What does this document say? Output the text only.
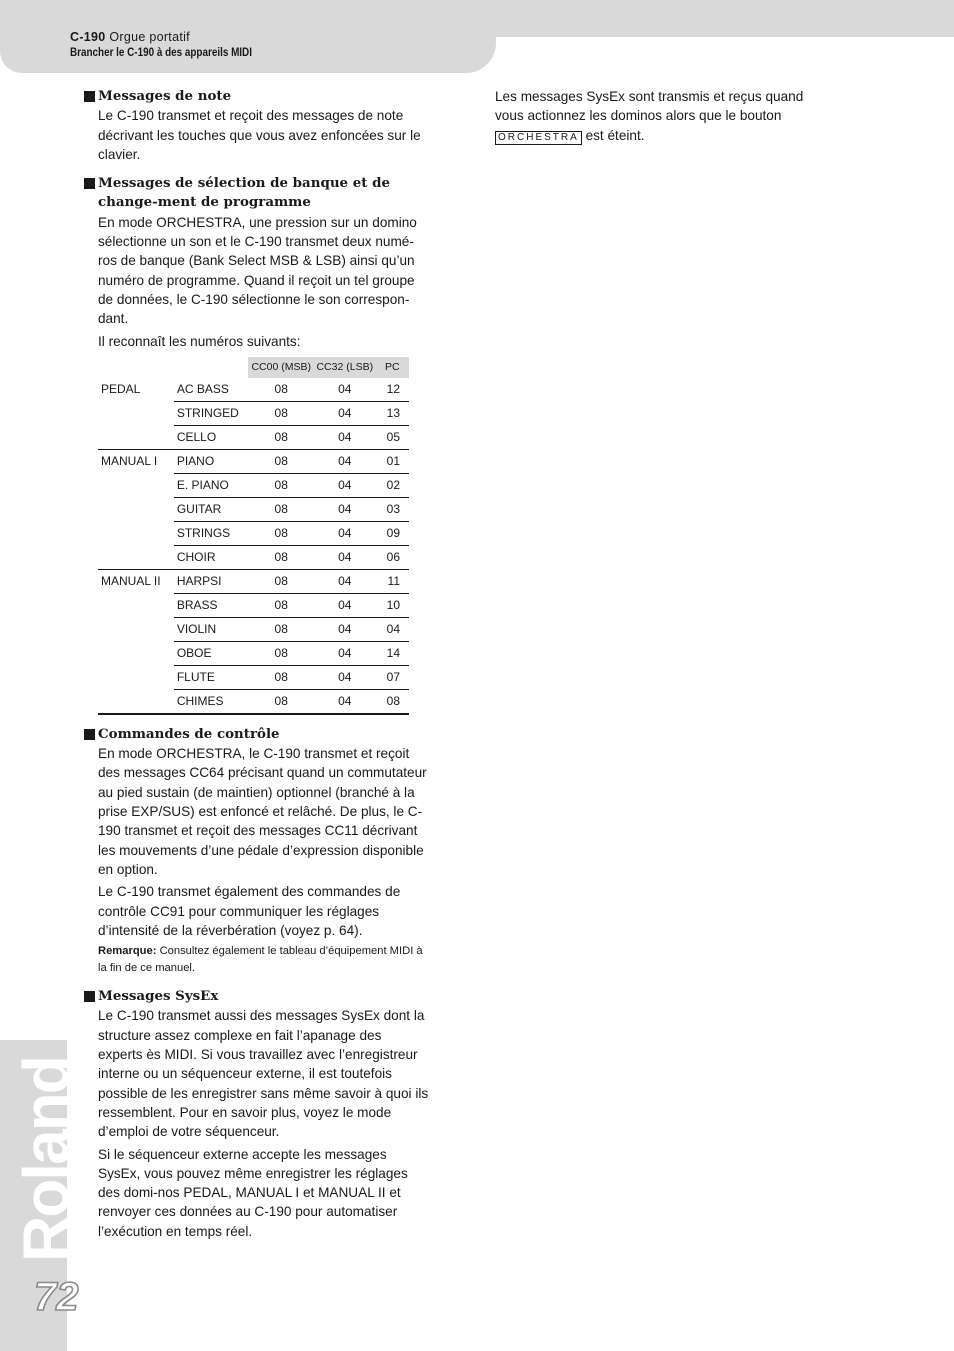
C-190 Orgue portatif
Brancher le C-190 à des appareils MIDI
Roland
72
Messages de note

Le C-190 transmet et reçoit des messages de note décrivant les touches que vous avez enfoncées sur le clavier.

Messages de sélection de banque et de change-ment de programme

En mode ORCHESTRA, une pression sur un domino sélectionne un son et le C-190 transmet deux numé-ros de banque (Bank Select MSB & LSB) ainsi qu’un numéro de programme. Quand il reçoit un tel groupe de données, le C-190 sélectionne le son correspon-dant.

Il reconnaît les numéros suivants:

		CC00 (MSB)	CC32 (LSB)	PC
PEDAL	AC BASS	08	04	12
	STRINGED	08	04	13
	CELLO	08	04	05
MANUAL I	PIANO	08	04	01
	E. PIANO	08	04	02
	GUITAR	08	04	03
	STRINGS	08	04	09
	CHOIR	08	04	06
MANUAL II	HARPSI	08	04	11
	BRASS	08	04	10
	VIOLIN	08	04	04
	OBOE	08	04	14
	FLUTE	08	04	07
	CHIMES	08	04	08
Commandes de contrôle

En mode ORCHESTRA, le C-190 transmet et reçoit des messages CC64 précisant quand un commutateur au pied sustain (de maintien) optionnel (branché à la prise EXP/SUS) est enfoncé et relâché. De plus, le C-190 transmet et reçoit des messages CC11 décrivant les mouvements d’une pédale d’expression disponible en option.

Le C-190 transmet également des commandes de contrôle CC91 pour communiquer les réglages d’intensité de la réverbération (voyez p. 64).

Remarque: Consultez également le tableau d’équipement MIDI à la fin de ce manuel.

Messages SysEx

Le C-190 transmet aussi des messages SysEx dont la structure assez complexe en fait l’apanage des experts ès MIDI. Si vous travaillez avec l’enregistreur interne ou un séquenceur externe, il est toutefois possible de les enregistrer sans même savoir à quoi ils ressemblent. Pour en savoir plus, voyez le mode d’emploi de votre séquenceur.

Si le séquenceur externe accepte les messages SysEx, vous pouvez même enregistrer les réglages des domi-nos PEDAL, MANUAL I et MANUAL II et renvoyer ces données au C-190 pour automatiser l’exécution en temps réel.

Les messages SysEx sont transmis et reçus quand vous actionnez les dominos alors que le bouton ORCHESTRA est éteint.
